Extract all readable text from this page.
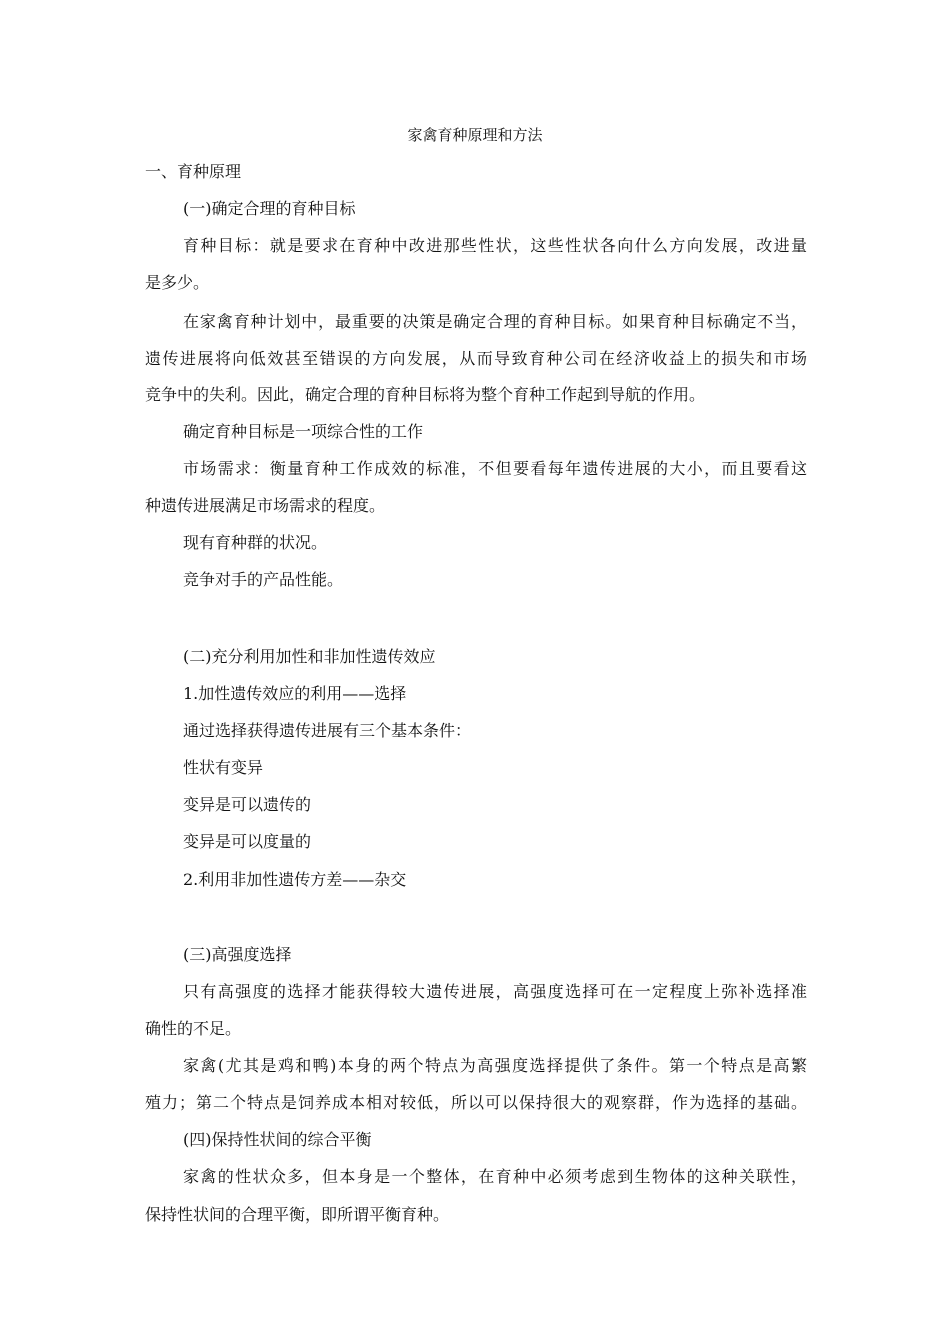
家禽育种原理和方法
一、育种原理
(一)确定合理的育种目标
育种目标：就是要求在育种中改进那些性状，这些性状各向什么方向发展，改进量
是多少。
在家禽育种计划中，最重要的决策是确定合理的育种目标。如果育种目标确定不当，
遗传进展将向低效甚至错误的方向发展，从而导致育种公司在经济收益上的损失和市场
竞争中的失利。因此，确定合理的育种目标将为整个育种工作起到导航的作用。
确定育种目标是一项综合性的工作
市场需求：衡量育种工作成效的标准，不但要看每年遗传进展的大小，而且要看这
种遗传进展满足市场需求的程度。
现有育种群的状况。
竞争对手的产品性能。
(二)充分利用加性和非加性遗传效应
1.加性遗传效应的利用——选择
通过选择获得遗传进展有三个基本条件：
性状有变异
变异是可以遗传的
变异是可以度量的
2.利用非加性遗传方差——杂交
(三)高强度选择
只有高强度的选择才能获得较大遗传进展，高强度选择可在一定程度上弥补选择准
确性的不足。
家禽(尤其是鸡和鸭)本身的两个特点为高强度选择提供了条件。第一个特点是高繁
殖力；第二个特点是饲养成本相对较低，所以可以保持很大的观察群，作为选择的基础。
(四)保持性状间的综合平衡
家禽的性状众多，但本身是一个整体，在育种中必须考虑到生物体的这种关联性，
保持性状间的合理平衡，即所谓平衡育种。
